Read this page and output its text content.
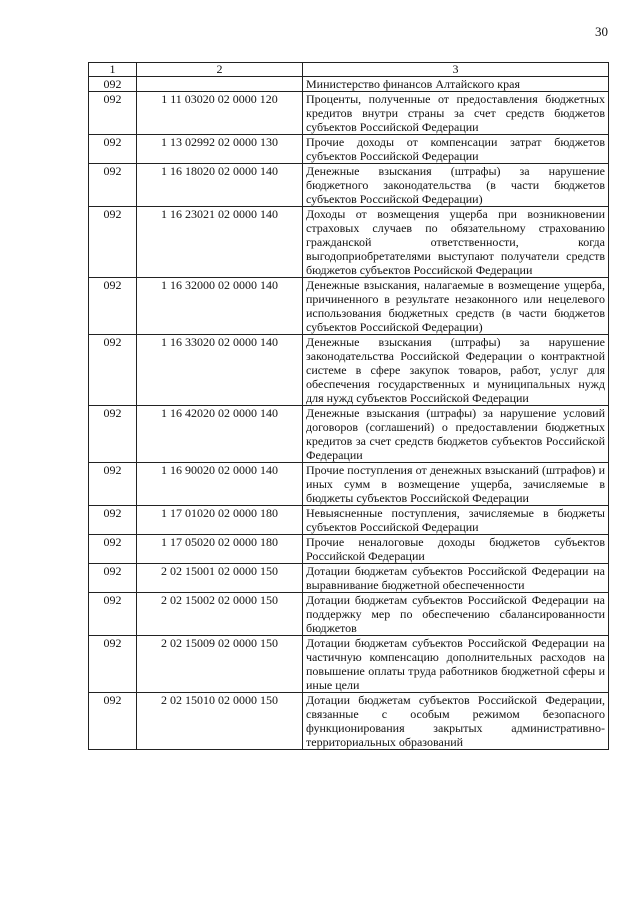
30
1	2	3
092		Министерство финансов Алтайского края
092	1 11 03020 02 0000 120	Проценты, полученные от предоставления бюджетных кредитов внутри страны за счет средств бюджетов субъектов Российской Федерации
092	1 13 02992 02 0000 130	Прочие доходы от компенсации затрат бюджетов субъектов Российской Федерации
092	1 16 18020 02 0000 140	Денежные взыскания (штрафы) за нарушение бюджетного законодательства (в части бюджетов субъектов Российской Федерации)
092	1 16 23021 02 0000 140	Доходы от возмещения ущерба при возникновении страховых случаев по обязательному страхованию гражданской ответственности, когда выгодоприобретателями выступают получатели средств бюджетов субъектов Российской Федерации
092	1 16 32000 02 0000 140	Денежные взыскания, налагаемые в возмещение ущерба, причиненного в результате незаконного или нецелевого использования бюджетных средств (в части бюджетов субъектов Российской Федерации)
092	1 16 33020 02 0000 140	Денежные взыскания (штрафы) за нарушение законодательства Российской Федерации о контрактной системе в сфере закупок товаров, работ, услуг для обеспечения государственных и муниципальных нужд для нужд субъектов Российской Федерации
092	1 16 42020 02 0000 140	Денежные взыскания (штрафы) за нарушение условий договоров (соглашений) о предоставлении бюджетных кредитов за счет средств бюджетов субъектов Российской Федерации
092	1 16 90020 02 0000 140	Прочие поступления от денежных взысканий (штрафов) и иных сумм в возмещение ущерба, зачисляемые в бюджеты субъектов Российской Федерации
092	1 17 01020 02 0000 180	Невыясненные поступления, зачисляемые в бюджеты субъектов Российской Федерации
092	1 17 05020 02 0000 180	Прочие неналоговые доходы бюджетов субъектов Российской Федерации
092	2 02 15001 02 0000 150	Дотации бюджетам субъектов Российской Федерации на выравнивание бюджетной обеспеченности
092	2 02 15002 02 0000 150	Дотации бюджетам субъектов Российской Федерации на поддержку мер по обеспечению сбалансированности бюджетов
092	2 02 15009 02 0000 150	Дотации бюджетам субъектов Российской Федерации на частичную компенсацию дополнительных расходов на повышение оплаты труда работников бюджетной сферы и иные цели
092	2 02 15010 02 0000 150	Дотации бюджетам субъектов Российской Федерации, связанные с особым режимом безопасного функционирования закрытых административно-территориальных образований
